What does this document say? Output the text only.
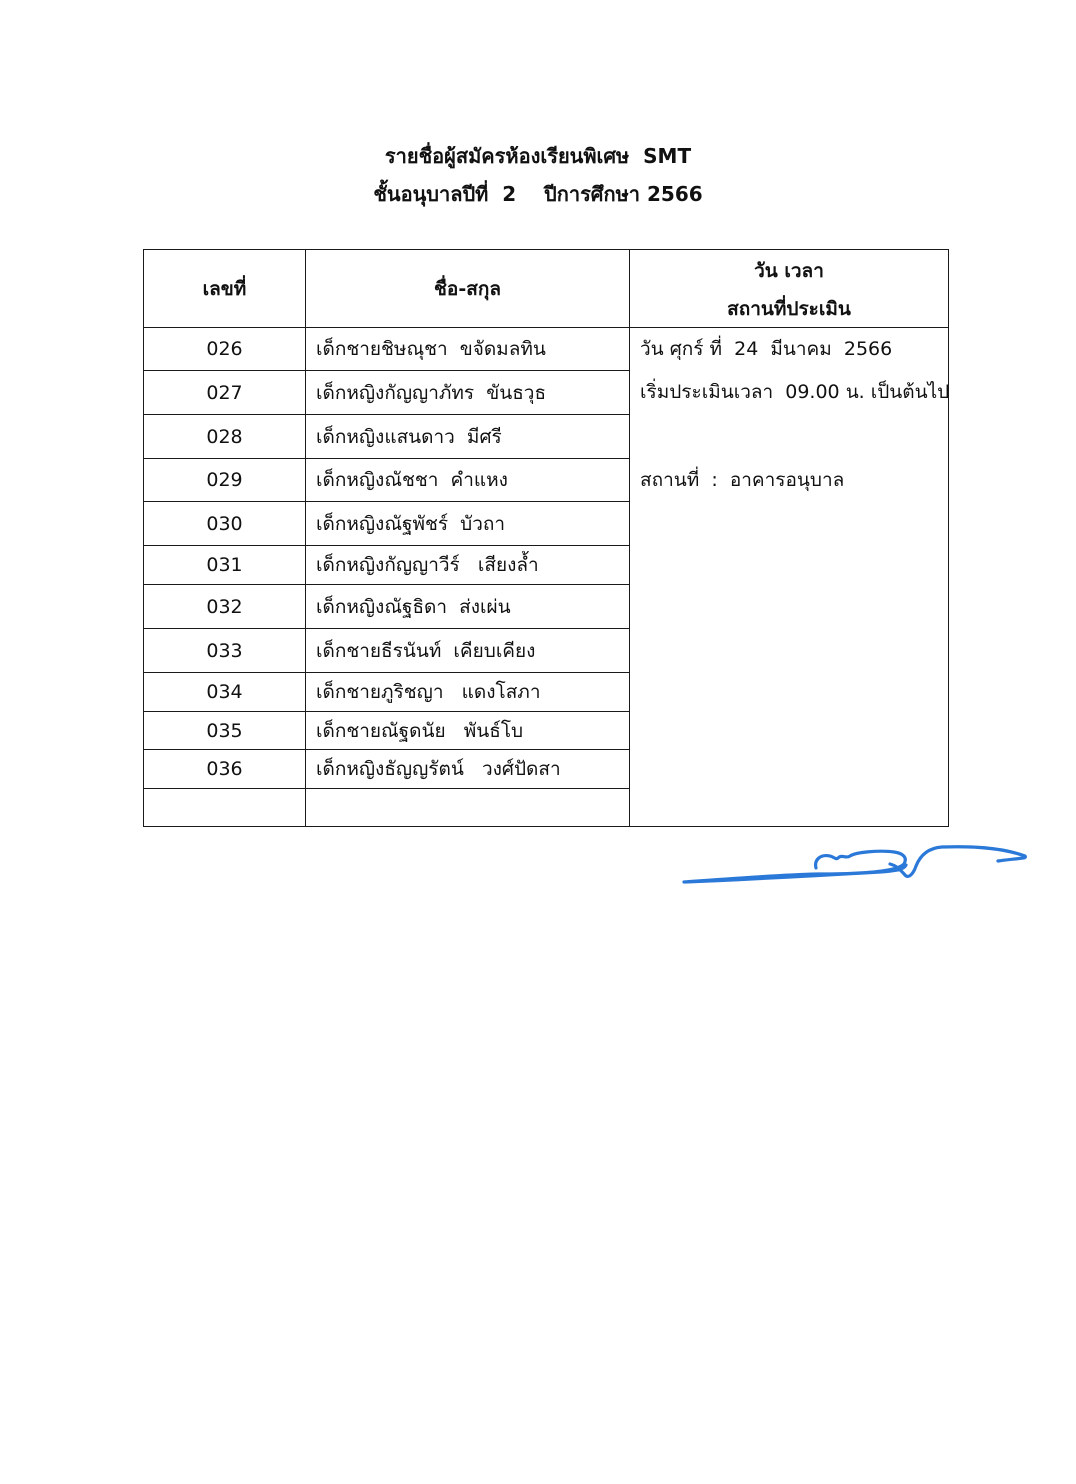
รายชื่อผู้สมัครห้องเรียนพิเศษ  SMT
ชั้นอนุบาลปีที่  2    ปีการศึกษา 2566
เลขที่	ชื่อ-สกุล
วัน เวลา
สถานที่ประเมิน
026	เด็กชายชิษณุชา  ขจัดมลทิน
027	เด็กหญิงกัญญาภัทร  ขันธวุธ
028	เด็กหญิงแสนดาว  มีศรี
029	เด็กหญิงณัชชา  คำแหง
030	เด็กหญิงณัฐพัชร์  บัวถา
031	เด็กหญิงกัญญาวีร์   เสียงล้ำ
032	เด็กหญิงณัฐธิดา  ส่งเผ่น
033	เด็กชายธีรนันท์  เคียบเคียง
034	เด็กชายภูริชญา   แดงโสภา
035	เด็กชายณัฐดนัย   พันธ์โบ
036	เด็กหญิงธัญญรัตน์   วงศ์ปัดสา
วัน ศุกร์ ที่  24  มีนาคม  2566
เริ่มประเมินเวลา  09.00 น. เป็นต้นไป
สถานที่  :  อาคารอนุบาล
